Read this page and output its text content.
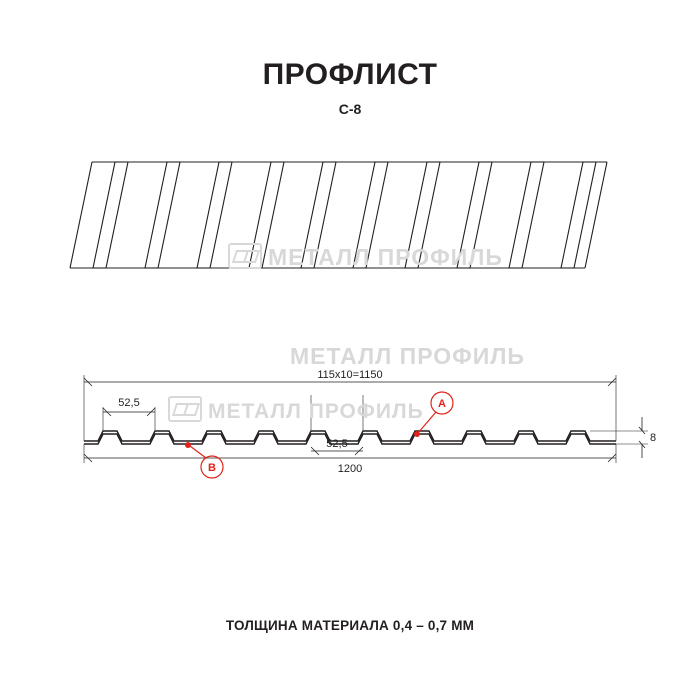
ПРОФЛИСТ
C-8
115х10=1150
52,5
52,5
1200
8
A
B
МЕТАЛЛ ПРОФИЛЬ
МЕТАЛЛ ПРОФИЛЬ
МЕТАЛЛ ПРОФИЛЬ
ТОЛЩИНА МАТЕРИАЛА 0,4 – 0,7 ММ
